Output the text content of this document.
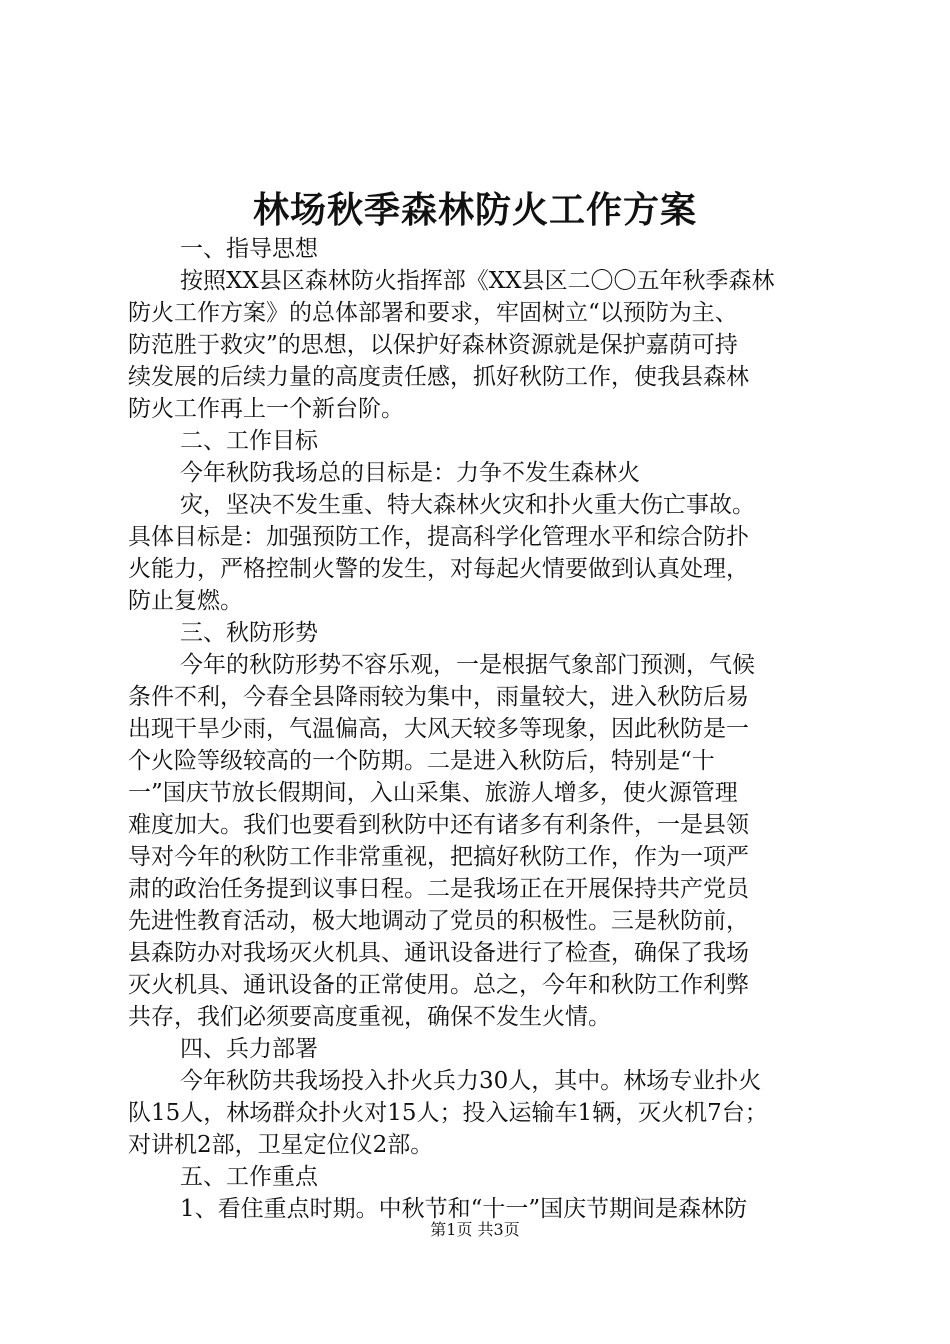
林场秋季森林防火工作方案
一、指导思想
按照XX县区森林防火指挥部《XX县区二〇〇五年秋季森林
防火工作方案》的总体部署和要求，牢固树立“以预防为主、
防范胜于救灾”的思想，以保护好森林资源就是保护嘉荫可持
续发展的后续力量的高度责任感，抓好秋防工作，使我县森林
防火工作再上一个新台阶。
二、工作目标
今年秋防我场总的目标是：力争不发生森林火
灾，坚决不发生重、特大森林火灾和扑火重大伤亡事故。
具体目标是：加强预防工作，提高科学化管理水平和综合防扑
火能力，严格控制火警的发生，对每起火情要做到认真处理，
防止复燃。
三、秋防形势
今年的秋防形势不容乐观，一是根据气象部门预测，气候
条件不利，今春全县降雨较为集中，雨量较大，进入秋防后易
出现干旱少雨，气温偏高，大风天较多等现象，因此秋防是一
个火险等级较高的一个防期。二是进入秋防后，特别是“十
一”国庆节放长假期间，入山采集、旅游人增多，使火源管理
难度加大。我们也要看到秋防中还有诸多有利条件，一是县领
导对今年的秋防工作非常重视，把搞好秋防工作，作为一项严
肃的政治任务提到议事日程。二是我场正在开展保持共产党员
先进性教育活动，极大地调动了党员的积极性。三是秋防前，
县森防办对我场灭火机具、通讯设备进行了检查，确保了我场
灭火机具、通讯设备的正常使用。总之，今年和秋防工作利弊
共存，我们必须要高度重视，确保不发生火情。
四、兵力部署
今年秋防共我场投入扑火兵力30人，其中。林场专业扑火
队15人，林场群众扑火对15人；投入运输车1辆，灭火机7台；
对讲机2部，卫星定位仪2部。
五、工作重点
1、看住重点时期。中秋节和“十一”国庆节期间是森林防
第1页 共3页
